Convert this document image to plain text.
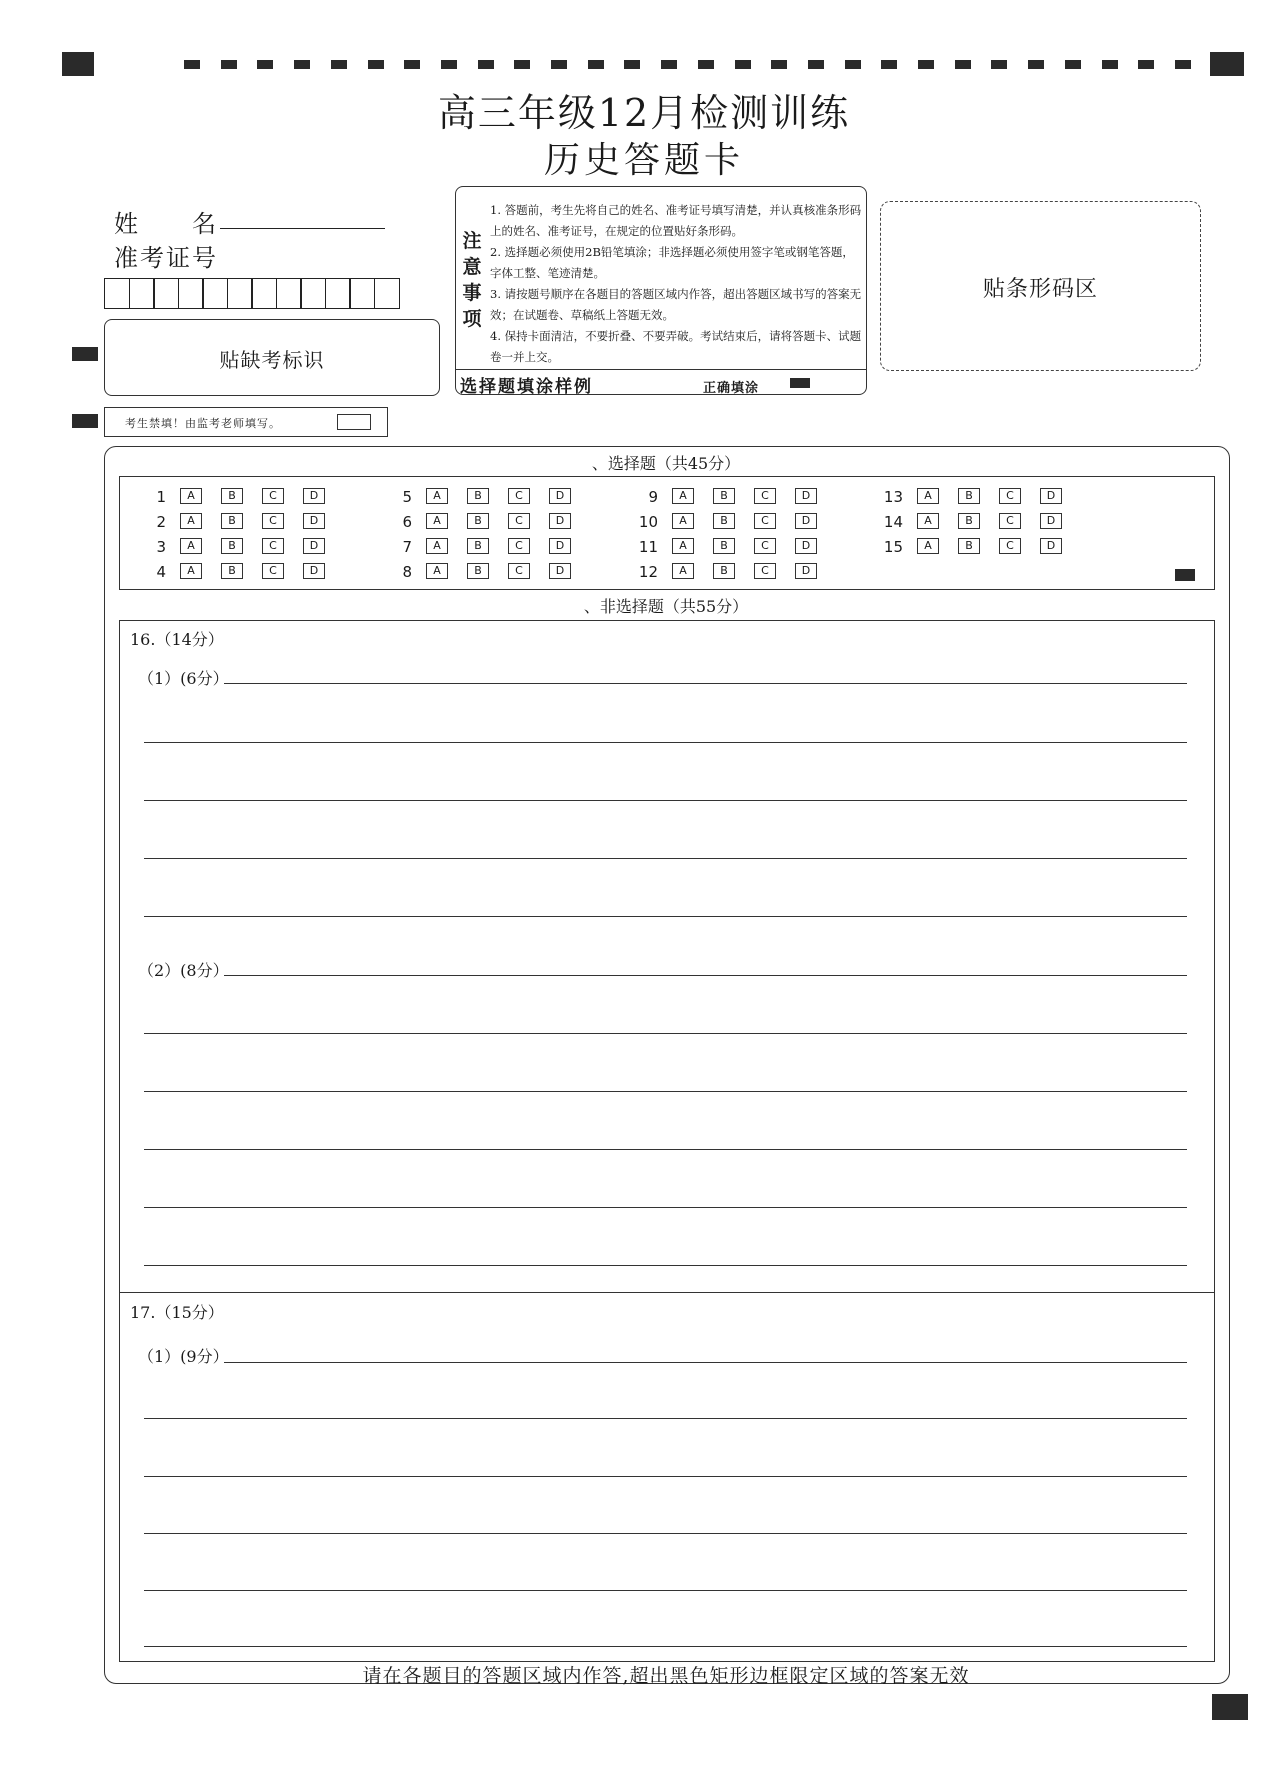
高三年级12月检测训练
历史答题卡
姓　　名
准考证号
贴缺考标识
考生禁填！由监考老师填写。
选择题填涂样例	正确填涂
注意事项
1. 答题前，考生先将自己的姓名、准考证号填写清楚，并认真核准条形码上的姓名、准考证号，在规定的位置贴好条形码。
2. 选择题必须使用2B铅笔填涂；非选择题必须使用签字笔或钢笔答题，字体工整、笔迹清楚。
3. 请按题号顺序在各题目的答题区域内作答，超出答题区域书写的答案无效；在试题卷、草稿纸上答题无效。
4. 保持卡面清洁，不要折叠、不要弄破。考试结束后，请将答题卡、试题卷一并上交。
贴条形码区
、选择题（共45分）
1	A	B	C	D
2	A	B	C	D
3	A	B	C	D
4	A	B	C	D
5	A	B	C	D
6	A	B	C	D
7	A	B	C	D
8	A	B	C	D
9	A	B	C	D
10	A	B	C	D
11	A	B	C	D
12	A	B	C	D
13	A	B	C	D
14	A	B	C	D
15	A	B	C	D
、非选择题（共55分）
16.（14分）
（1）(6分）
（2）(8分）
17.（15分）
（1）(9分）
请在各题目的答题区域内作答,超出黑色矩形边框限定区域的答案无效
